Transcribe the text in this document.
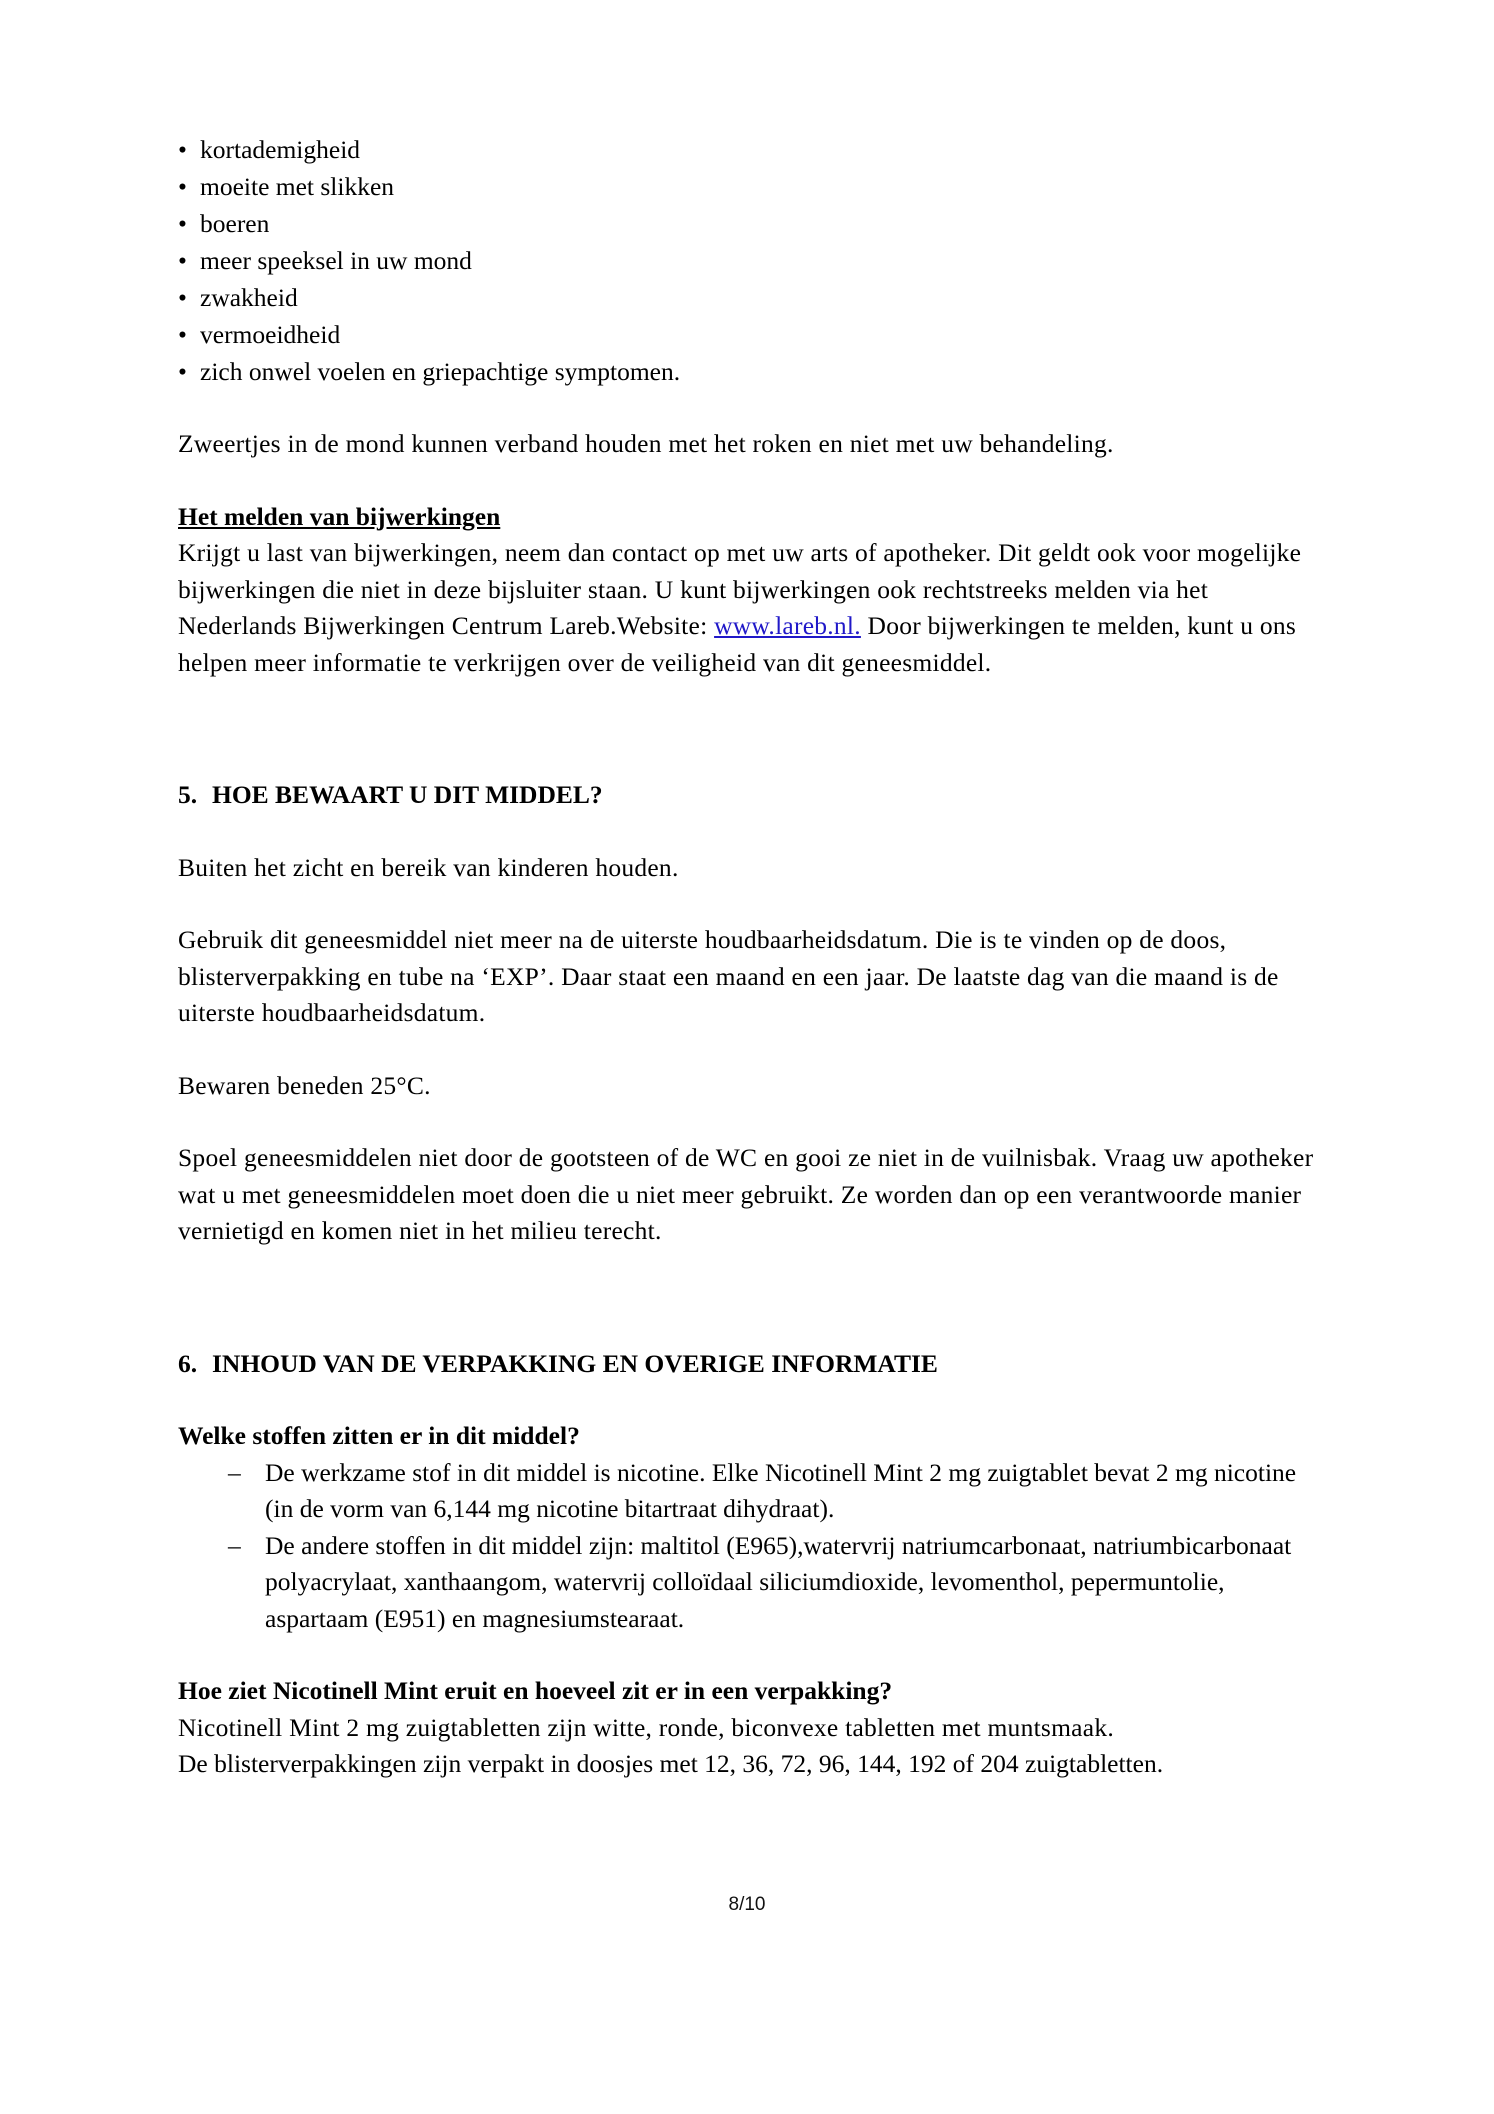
• kortademigheid
• moeite met slikken
• boeren
• meer speeksel in uw mond
• zwakheid
• vermoeidheid
• zich onwel voelen en griepachtige symptomen.

Zweertjes in de mond kunnen verband houden met het roken en niet met uw behandeling.

Het melden van bijwerkingen

Krijgt u last van bijwerkingen, neem dan contact op met uw arts of apotheker. Dit geldt ook voor mogelijke bijwerkingen die niet in deze bijsluiter staan. U kunt bijwerkingen ook rechtstreeks melden via het Nederlands Bijwerkingen Centrum Lareb.Website: www.lareb.nl. Door bijwerkingen te melden, kunt u ons helpen meer informatie te verkrijgen over de veiligheid van dit geneesmiddel.

5. HOE BEWAART U DIT MIDDEL?

Buiten het zicht en bereik van kinderen houden.

Gebruik dit geneesmiddel niet meer na de uiterste houdbaarheidsdatum. Die is te vinden op de doos, blisterverpakking en tube na ‘EXP’. Daar staat een maand en een jaar. De laatste dag van die maand is de uiterste houdbaarheidsdatum.

Bewaren beneden 25°C.

Spoel geneesmiddelen niet door de gootsteen of de WC en gooi ze niet in de vuilnisbak. Vraag uw apotheker wat u met geneesmiddelen moet doen die u niet meer gebruikt. Ze worden dan op een verantwoorde manier vernietigd en komen niet in het milieu terecht.

6. INHOUD VAN DE VERPAKKING EN OVERIGE INFORMATIE

Welke stoffen zitten er in dit middel?

– De werkzame stof in dit middel is nicotine. Elke Nicotinell Mint 2 mg zuigtablet bevat 2 mg nicotine (in de vorm van 6,144 mg nicotine bitartraat dihydraat).
– De andere stoffen in dit middel zijn: maltitol (E965),watervrij natriumcarbonaat, natriumbicarbonaat polyacrylaat, xanthaangom, watervrij colloïdaal siliciumdioxide, levomenthol, pepermuntolie, aspartaam (E951) en magnesiumstearaat.

Hoe ziet Nicotinell Mint eruit en hoeveel zit er in een verpakking?

Nicotinell Mint 2 mg zuigtabletten zijn witte, ronde, biconvexe tabletten met muntsmaak.

De blisterverpakkingen zijn verpakt in doosjes met 12, 36, 72, 96, 144, 192 of 204 zuigtabletten.

8/10
